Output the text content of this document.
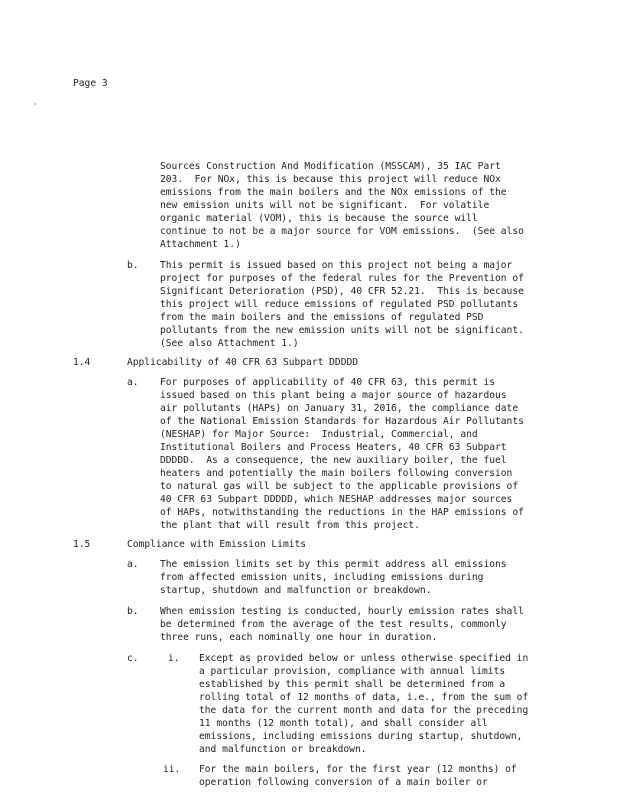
Page 3
Sources Construction And Modification (MSSCAM), 35 IAC Part
203.  For NOx, this is because this project will reduce NOx
emissions from the main boilers and the NOx emissions of the
new emission units will not be significant.  For volatile
organic material (VOM), this is because the source will
continue to not be a major source for VOM emissions.  (See also
Attachment 1.)
b. This permit is issued based on this project not being a major
project for purposes of the federal rules for the Prevention of
Significant Deterioration (PSD), 40 CFR 52.21.  This is because
this project will reduce emissions of regulated PSD pollutants
from the main boilers and the emissions of regulated PSD
pollutants from the new emission units will not be significant.
(See also Attachment 1.)
1.4	Applicability of 40 CFR 63 Subpart DDDDD
a. For purposes of applicability of 40 CFR 63, this permit is
issued based on this plant being a major source of hazardous
air pollutants (HAPs) on January 31, 2016, the compliance date
of the National Emission Standards for Hazardous Air Pollutants
(NESHAP) for Major Source:  Industrial, Commercial, and
Institutional Boilers and Process Heaters, 40 CFR 63 Subpart
DDDDD.  As a consequence, the new auxiliary boiler, the fuel
heaters and potentially the main boilers following conversion
to natural gas will be subject to the applicable provisions of
40 CFR 63 Subpart DDDDD, which NESHAP addresses major sources
of HAPs, notwithstanding the reductions in the HAP emissions of
the plant that will result from this project.
1.5	Compliance with Emission Limits
a. The emission limits set by this permit address all emissions
from affected emission units, including emissions during
startup, shutdown and malfunction or breakdown.
b. When emission testing is conducted, hourly emission rates shall
be determined from the average of the test results, commonly
three runs, each nominally one hour in duration.
c.	i. Except as provided below or unless otherwise specified in
a particular provision, compliance with annual limits
established by this permit shall be determined from a
rolling total of 12 months of data, i.e., from the sum of
the data for the current month and data for the preceding
11 months (12 month total), and shall consider all
emissions, including emissions during startup, shutdown,
and malfunction or breakdown.
ii. For the main boilers, for the first year (12 months) of
operation following conversion of a main boiler or
